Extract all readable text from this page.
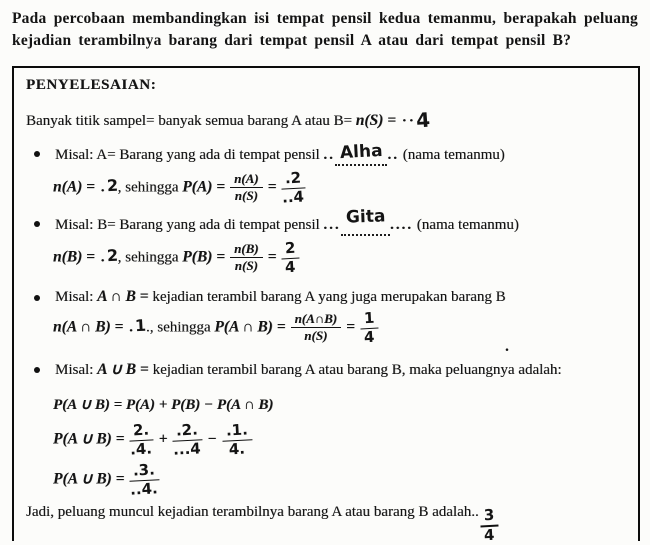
Pada percobaan membandingkan isi tempat pensil kedua temanmu, berapakah peluang kejadian terambilnya barang dari tempat pensil A atau dari tempat pensil B?

PENYELESAIAN:
Banyak titik sampel= banyak semua barang A atau B= n(S) = ··4
Misal: A= Barang yang ada di tempat pensil .. Alha .. (nama temanmu)
n(A) = .2, sehingga $P(A) = \frac{n(A)}{n(S)} = \frac{.2}{..4}$
Misal: B= Barang yang ada di tempat pensil ... Gita .... (nama temanmu)
n(B) = .2, sehingga $P(B) = \frac{n(B)}{n(S)} = \frac{2}{4}$
Misal: A ∩ B = kejadian terambil barang A yang juga merupakan barang B
n(A ∩ B) = .1., sehingga P(A ∩ $B) = \frac{n(A\cap B)}{n(S)} = \frac{1}{4}$
Misal: A ∪ B = kejadian terambil barang A atau barang B, maka peluangnya adalah:
P(A ∪ B) = P(A) + P(B) − P(A ∩ B)
P(A ∪ $B) = \frac{2.}{.4.} + \frac{.2.}{...4} - \frac{.1.}{4.}$
P(A ∪ $B) = \frac{.3.}{..4.}$
Jadi, peluang muncul kejadian terambilnya barang A atau barang B adalah.. $\frac{3}{4}$
.
